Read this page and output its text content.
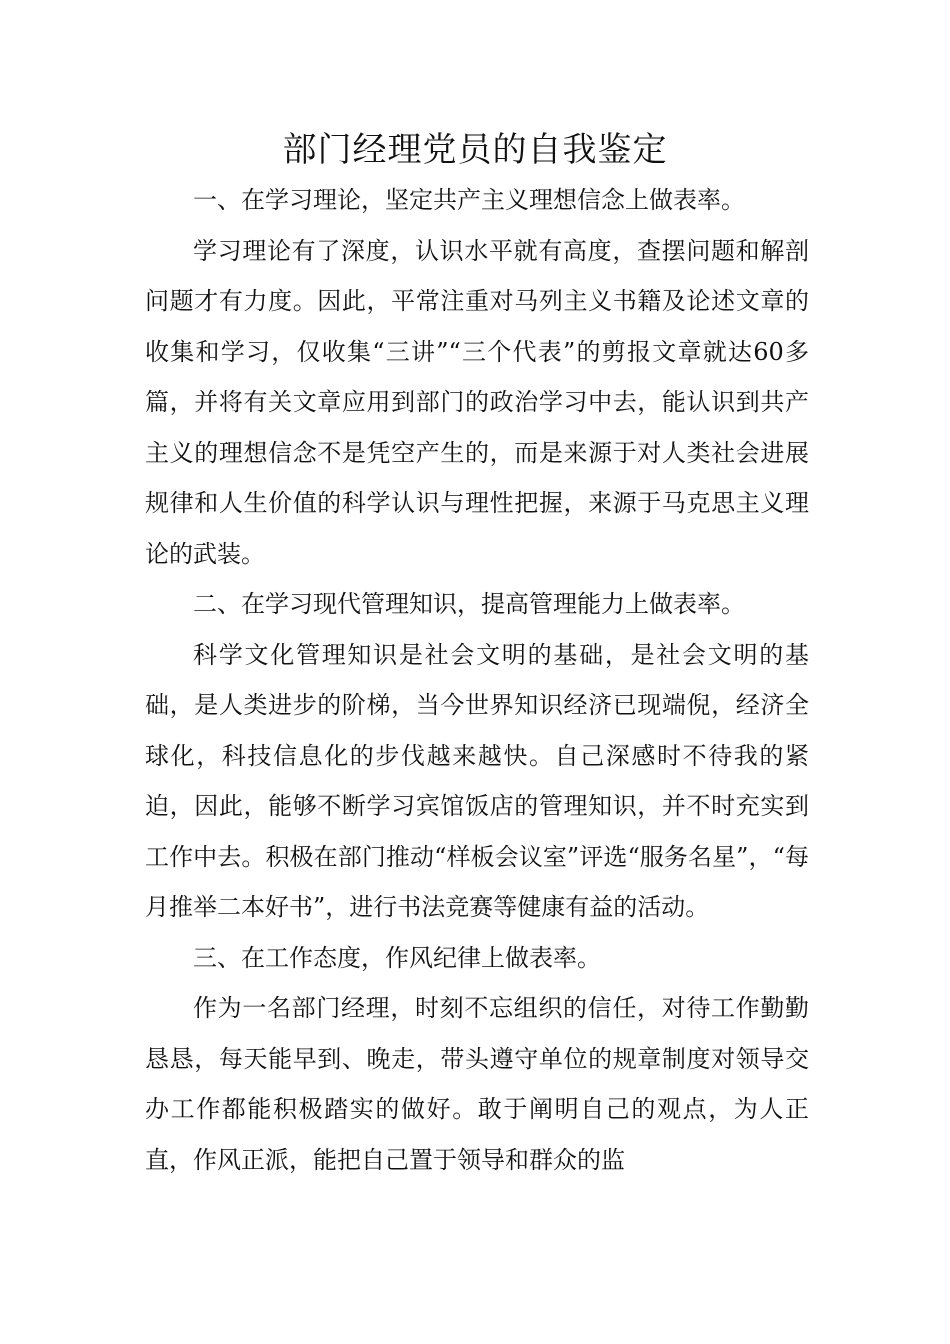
部门经理党员的自我鉴定

一、在学习理论，坚定共产主义理想信念上做表率。

学习理论有了深度，认识水平就有高度，查摆问题和解剖问题才有力度。因此，平常注重对马列主义书籍及论述文章的收集和学习，仅收集“三讲”“三个代表”的剪报文章就达60多篇，并将有关文章应用到部门的政治学习中去，能认识到共产主义的理想信念不是凭空产生的，而是来源于对人类社会进展规律和人生价值的科学认识与理性把握，来源于马克思主义理论的武装。

二、在学习现代管理知识，提高管理能力上做表率。

科学文化管理知识是社会文明的基础，是社会文明的基础，是人类进步的阶梯，当今世界知识经济已现端倪，经济全球化，科技信息化的步伐越来越快。自己深感时不待我的紧迫，因此，能够不断学习宾馆饭店的管理知识，并不时充实到工作中去。积极在部门推动“样板会议室”评选“服务名星”，“每月推举二本好书”，进行书法竞赛等健康有益的活动。

三、在工作态度，作风纪律上做表率。

作为一名部门经理，时刻不忘组织的信任，对待工作勤勤恳恳，每天能早到、晚走，带头遵守单位的规章制度对领导交办工作都能积极踏实的做好。敢于阐明自己的观点，为人正直，作风正派，能把自己置于领导和群众的监
